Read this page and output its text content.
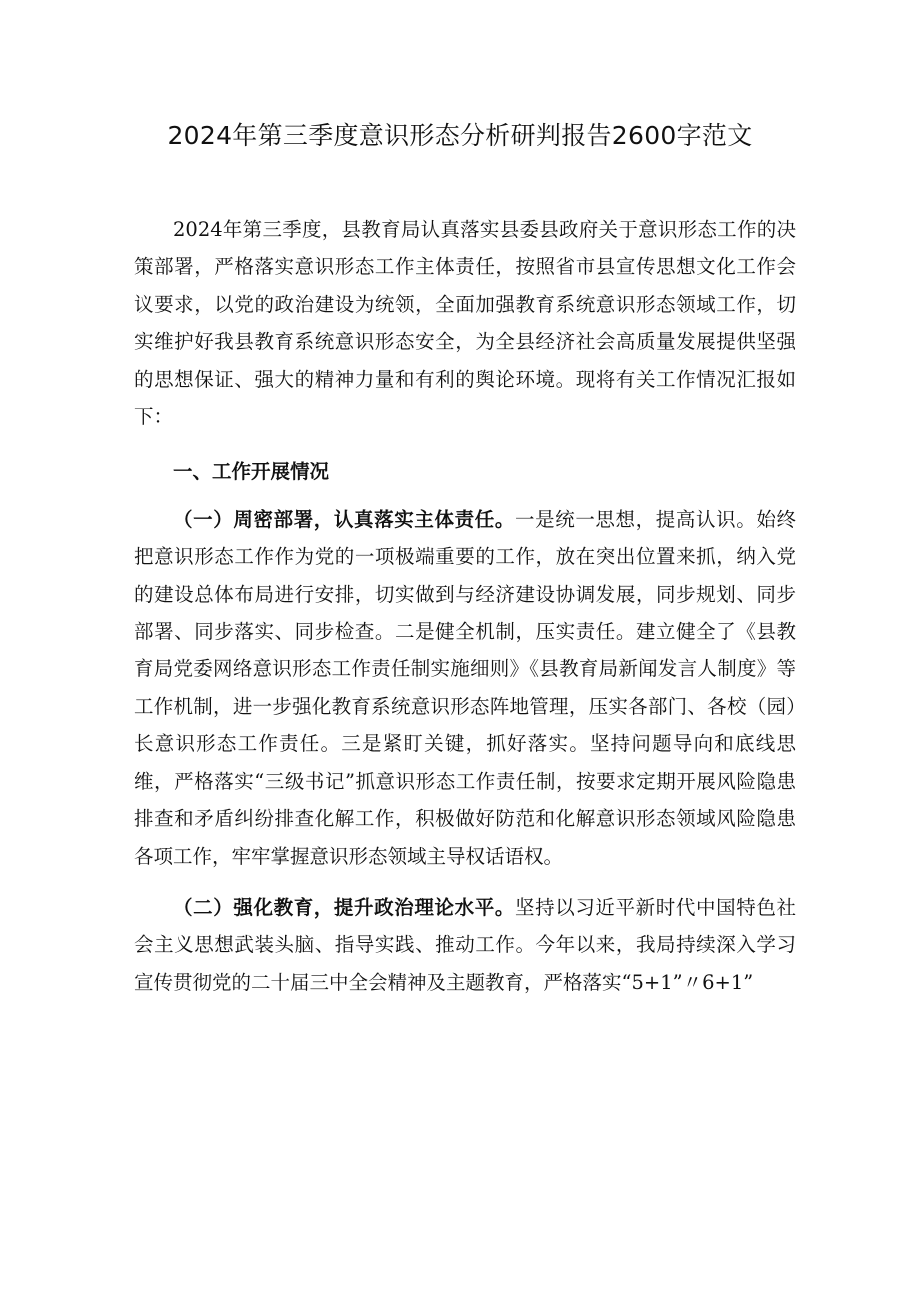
2024年第三季度意识形态分析研判报告2600字范文

2024年第三季度，县教育局认真落实县委县政府关于意识形态工作的决策部署，严格落实意识形态工作主体责任，按照省市县宣传思想文化工作会议要求，以党的政治建设为统领，全面加强教育系统意识形态领域工作，切实维护好我县教育系统意识形态安全，为全县经济社会高质量发展提供坚强的思想保证、强大的精神力量和有利的舆论环境。现将有关工作情况汇报如下：

一、工作开展情况

（一）周密部署，认真落实主体责任。一是统一思想，提高认识。始终把意识形态工作作为党的一项极端重要的工作，放在突出位置来抓，纳入党的建设总体布局进行安排，切实做到与经济建设协调发展，同步规划、同步部署、同步落实、同步检查。二是健全机制，压实责任。建立健全了《县教育局党委网络意识形态工作责任制实施细则》《县教育局新闻发言人制度》等工作机制，进一步强化教育系统意识形态阵地管理，压实各部门、各校（园）长意识形态工作责任。三是紧盯关键，抓好落实。坚持问题导向和底线思维，严格落实“三级书记”抓意识形态工作责任制，按要求定期开展风险隐患排查和矛盾纠纷排查化解工作，积极做好防范和化解意识形态领域风险隐患各项工作，牢牢掌握意识形态领域主导权话语权。

（二）强化教育，提升政治理论水平。坚持以习近平新时代中国特色社会主义思想武装头脑、指导实践、推动工作。今年以来，我局持续深入学习宣传贯彻党的二十届三中全会精神及主题教育，严格落实“5+1”〃6+1”
